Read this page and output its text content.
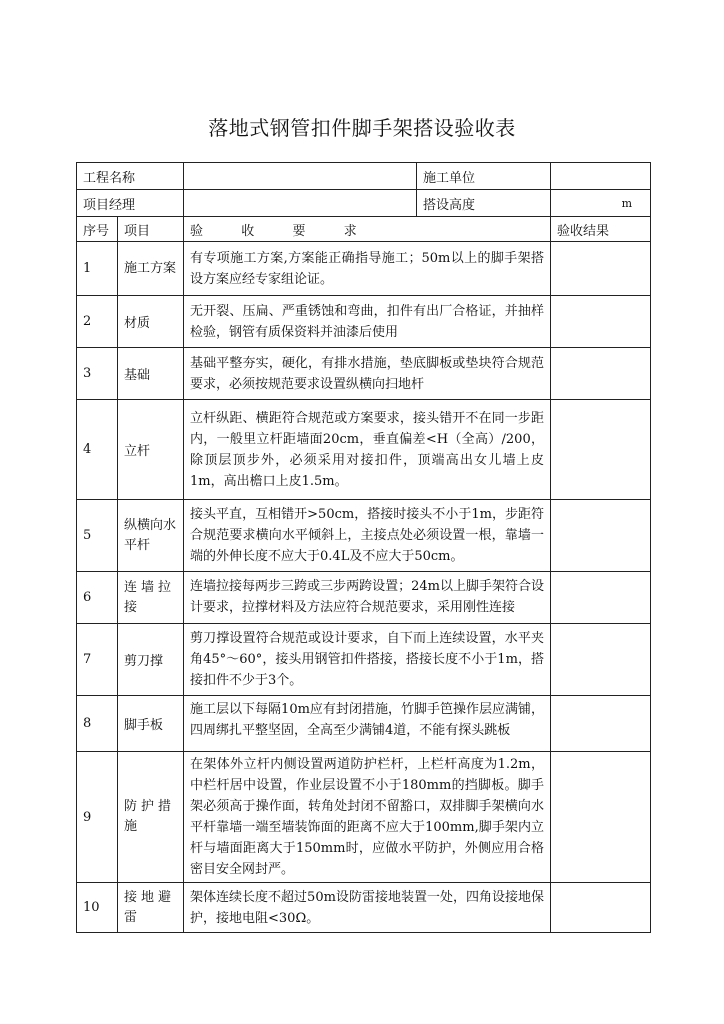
落地式钢管扣件脚手架搭设验收表
工程名称			施工单位	
项目经理			搭设高度	m
序号	项目	验  收  要  求		验收结果
1	施工方案	有专项施工方案,方案能正确指导施工；50m以上的脚手架搭设方案应经专家组论证。		
2	材质	无开裂、压扁、严重锈蚀和弯曲，扣件有出厂合格证，并抽样检验，钢管有质保资料并油漆后使用		
3	基础	基础平整夯实，硬化，有排水措施，垫底脚板或垫块符合规范要求，必须按规范要求设置纵横向扫地杆		
4	立杆	立杆纵距、横距符合规范或方案要求，接头错开不在同一步距内，一般里立杆距墙面20cm，垂直偏差<H（全高）/200，除顶层顶步外，必须采用对接扣件，顶端高出女儿墙上皮1m，高出檐口上皮1.5m。		
5	纵横向水平杆	接头平直，互相错开>50cm，搭接时接头不小于1m，步距符合规范要求横向水平倾斜上，主接点处必须设置一根，靠墙一端的外伸长度不应大于0.4L及不应大于50cm。		
6	连墙拉接	连墙拉接每两步三跨或三步两跨设置；24m以上脚手架符合设计要求，拉撑材料及方法应符合规范要求，采用刚性连接		

7	剪刀撑	剪刀撑设置符合规范或设计要求，自下而上连续设置，水平夹角45°～60°，接头用钢管扣件搭接，搭接长度不小于1m，搭接扣件不少于3个。		
8	脚手板	施工层以下每隔10m应有封闭措施，竹脚手笆操作层应满铺，四周绑扎平整坚固，全高至少满铺4道，不能有探头跳板		

9	防护措施	在架体外立杆内侧设置两道防护栏杆，上栏杆高度为1.2m，中栏杆居中设置，作业层设置不小于180mm的挡脚板。脚手架必须高于操作面，转角处封闭不留豁口，双排脚手架横向水平杆靠墙一端至墙装饰面的距离不应大于100mm,脚手架内立杆与墙面距离大于150mm时，应做水平防护，外侧应用合格密目安全网封严。		
10	接地避雷	架体连续长度不超过50m设防雷接地装置一处，四角设接地保护，接地电阻<30Ω。		
